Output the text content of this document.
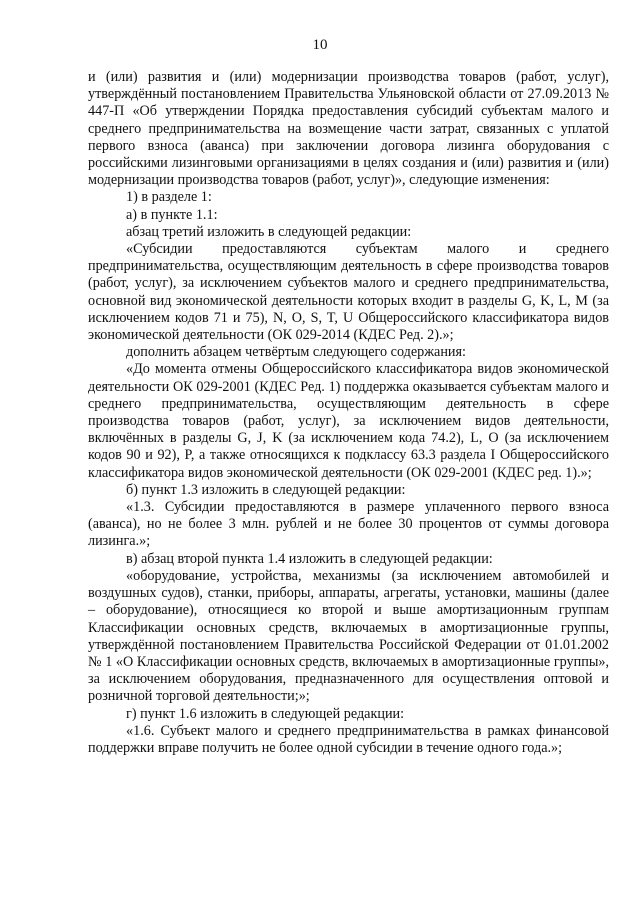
10

и (или) развития и (или) модернизации производства товаров (работ, услуг), утверждённый постановлением Правительства Ульяновской области от 27.09.2013 № 447-П «Об утверждении Порядка предоставления субсидий субъектам малого и среднего предпринимательства на возмещение части затрат, связанных с уплатой первого взноса (аванса) при заключении договора лизинга оборудования с российскими лизинговыми организациями в целях создания и (или) развития и (или) модернизации производства товаров (работ, услуг)», следующие изменения:

1) в разделе 1:

а) в пункте 1.1:

абзац третий изложить в следующей редакции:

«Субсидии предоставляются субъектам малого и среднего предпринимательства, осуществляющим деятельность в сфере производства товаров (работ, услуг), за исключением субъектов малого и среднего предпринимательства, основной вид экономической деятельности которых входит в разделы G, K, L, M (за исключением кодов 71 и 75), N, O, S, T, U Общероссийского классификатора видов экономической деятельности (ОК 029-2014 (КДЕС Ред. 2).»;

дополнить абзацем четвёртым следующего содержания:

«До момента отмены Общероссийского классификатора видов экономической деятельности ОК 029-2001 (КДЕС Ред. 1) поддержка оказывается субъектам малого и среднего предпринимательства, осуществляющим деятельность в сфере производства товаров (работ, услуг), за исключением видов деятельности, включённых в разделы G, J, K (за исключением кода 74.2), L, O (за исключением кодов 90 и 92), P, а также относящихся к подклассу 63.3 раздела I Общероссийского классификатора видов экономической деятельности (ОК 029-2001 (КДЕС ред. 1).»;

б) пункт 1.3 изложить в следующей редакции:

«1.3. Субсидии предоставляются в размере уплаченного первого взноса (аванса), но не более 3 млн. рублей и не более 30 процентов от суммы договора лизинга.»;

в) абзац второй пункта 1.4 изложить в следующей редакции:

«оборудование, устройства, механизмы (за исключением автомобилей и воздушных судов), станки, приборы, аппараты, агрегаты, установки, машины (далее – оборудование), относящиеся ко второй и выше амортизационным группам Классификации основных средств, включаемых в амортизационные группы, утверждённой постановлением Правительства Российской Федерации от 01.01.2002 № 1 «О Классификации основных средств, включаемых в амортизационные группы», за исключением оборудования, предназначенного для осуществления оптовой и розничной торговой деятельности;»;

г) пункт 1.6 изложить в следующей редакции:

«1.6. Субъект малого и среднего предпринимательства в рамках финансовой поддержки вправе получить не более одной субсидии в течение одного года.»;
